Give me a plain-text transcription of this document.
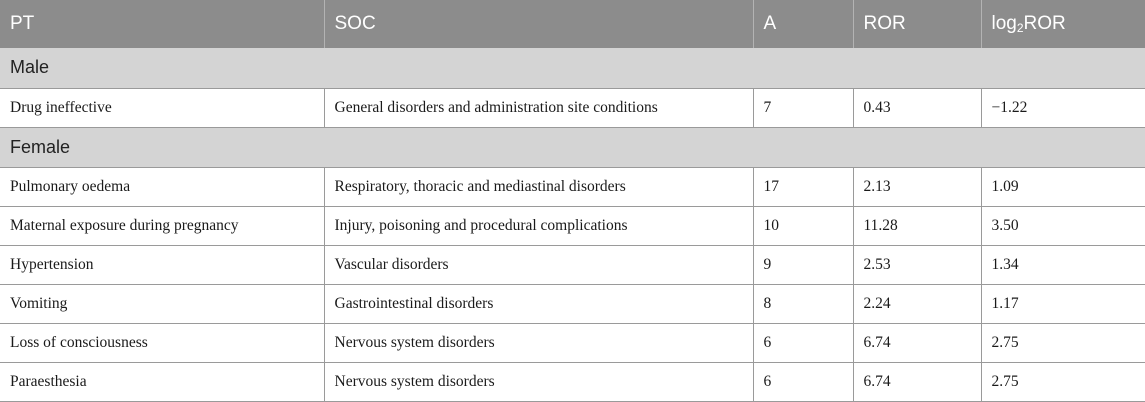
PT	SOC	A	ROR	$\log_2ROR$
Male				
Drug ineffective	General disorders and administration site conditions	7	0.43	−1.22
Female				
Pulmonary oedema	Respiratory, thoracic and mediastinal disorders	17	2.13	1.09
Maternal exposure during pregnancy	Injury, poisoning and procedural complications	10	11.28	3.50
Hypertension	Vascular disorders	9	2.53	1.34
Vomiting	Gastrointestinal disorders	8	2.24	1.17
Loss of consciousness	Nervous system disorders	6	6.74	2.75
Paraesthesia	Nervous system disorders	6	6.74	2.75
